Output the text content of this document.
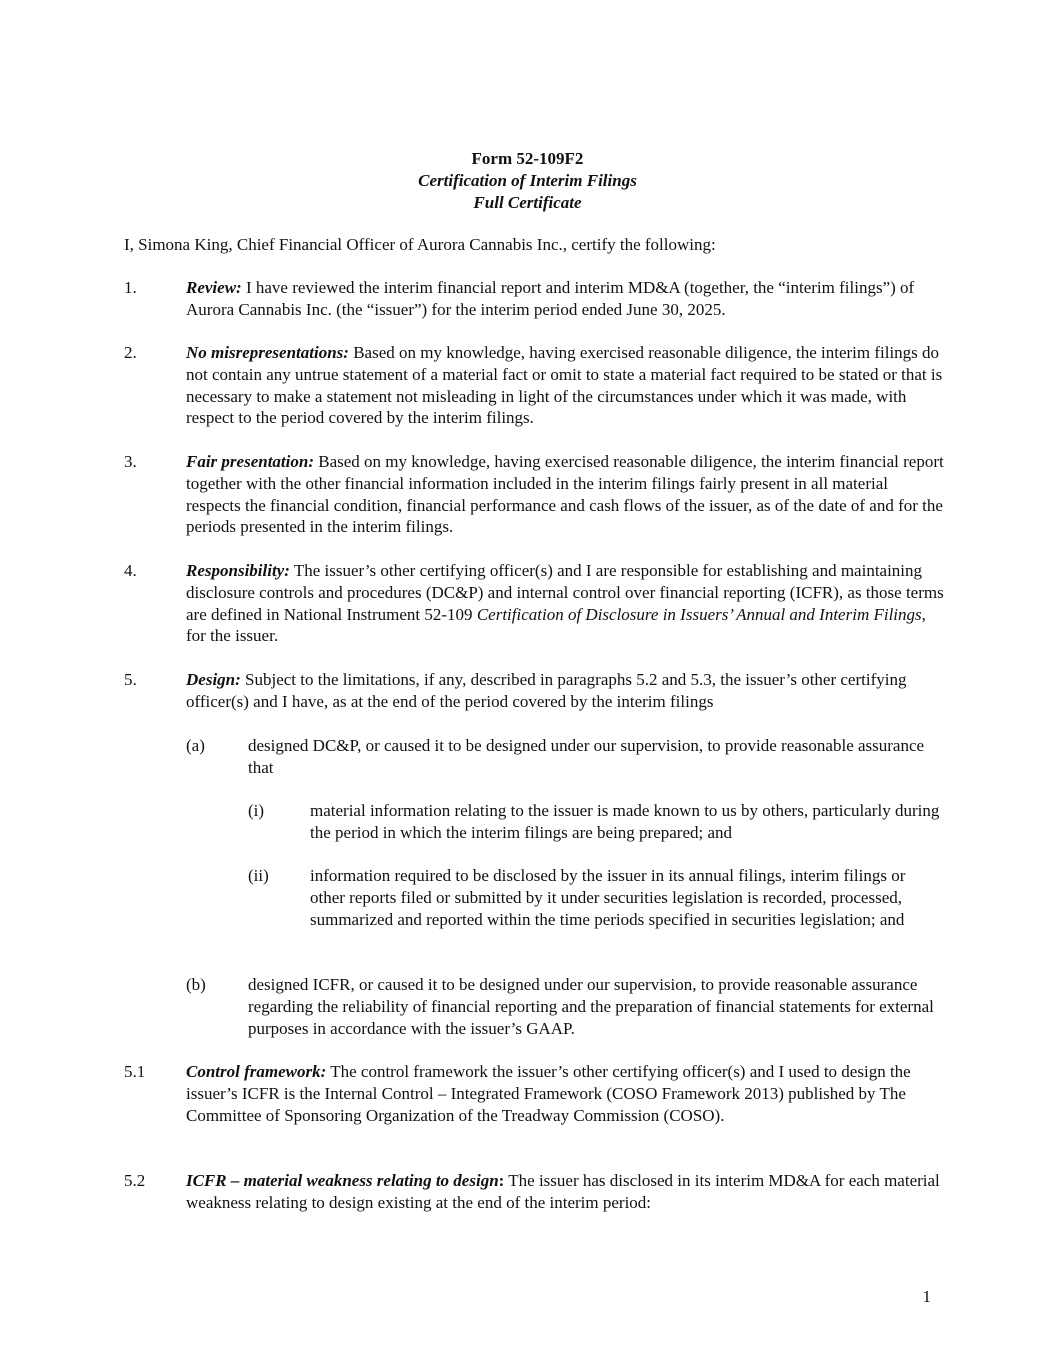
Form 52-109F2
Certification of Interim Filings
Full Certificate
I, Simona King, Chief Financial Officer of Aurora Cannabis Inc., certify the following:
1.	Review: I have reviewed the interim financial report and interim MD&A (together, the “interim filings”) of Aurora Cannabis Inc. (the “issuer”) for the interim period ended June 30, 2025.
2.	No misrepresentations: Based on my knowledge, having exercised reasonable diligence, the interim filings do not contain any untrue statement of a material fact or omit to state a material fact required to be stated or that is necessary to make a statement not misleading in light of the circumstances under which it was made, with respect to the period covered by the interim filings.
3.	Fair presentation: Based on my knowledge, having exercised reasonable diligence, the interim financial report together with the other financial information included in the interim filings fairly present in all material respects the financial condition, financial performance and cash flows of the issuer, as of the date of and for the periods presented in the interim filings.
4.	Responsibility: The issuer’s other certifying officer(s) and I are responsible for establishing and maintaining disclosure controls and procedures (DC&P) and internal control over financial reporting (ICFR), as those terms are defined in National Instrument 52-109 Certification of Disclosure in Issuers’ Annual and Interim Filings, for the issuer.
5.	Design: Subject to the limitations, if any, described in paragraphs 5.2 and 5.3, the issuer’s other certifying officer(s) and I have, as at the end of the period covered by the interim filings
(a)	designed DC&P, or caused it to be designed under our supervision, to provide reasonable assurance that
(i)	material information relating to the issuer is made known to us by others, particularly during the period in which the interim filings are being prepared; and
(ii) information required to be disclosed by the issuer in its annual filings, interim filings or other reports filed or submitted by it under securities legislation is recorded, processed, summarized and reported within the time periods specified in securities legislation; and
(b) designed ICFR, or caused it to be designed under our supervision, to provide reasonable assurance regarding the reliability of financial reporting and the preparation of financial statements for external purposes in accordance with the issuer’s GAAP.
5.1 Control framework: The control framework the issuer’s other certifying officer(s) and I used to design the issuer’s ICFR is the Internal Control – Integrated Framework (COSO Framework 2013) published by The Committee of Sponsoring Organization of the Treadway Commission (COSO).
5.2 ICFR – material weakness relating to design: The issuer has disclosed in its interim MD&A for each material weakness relating to design existing at the end of the interim period:
1
